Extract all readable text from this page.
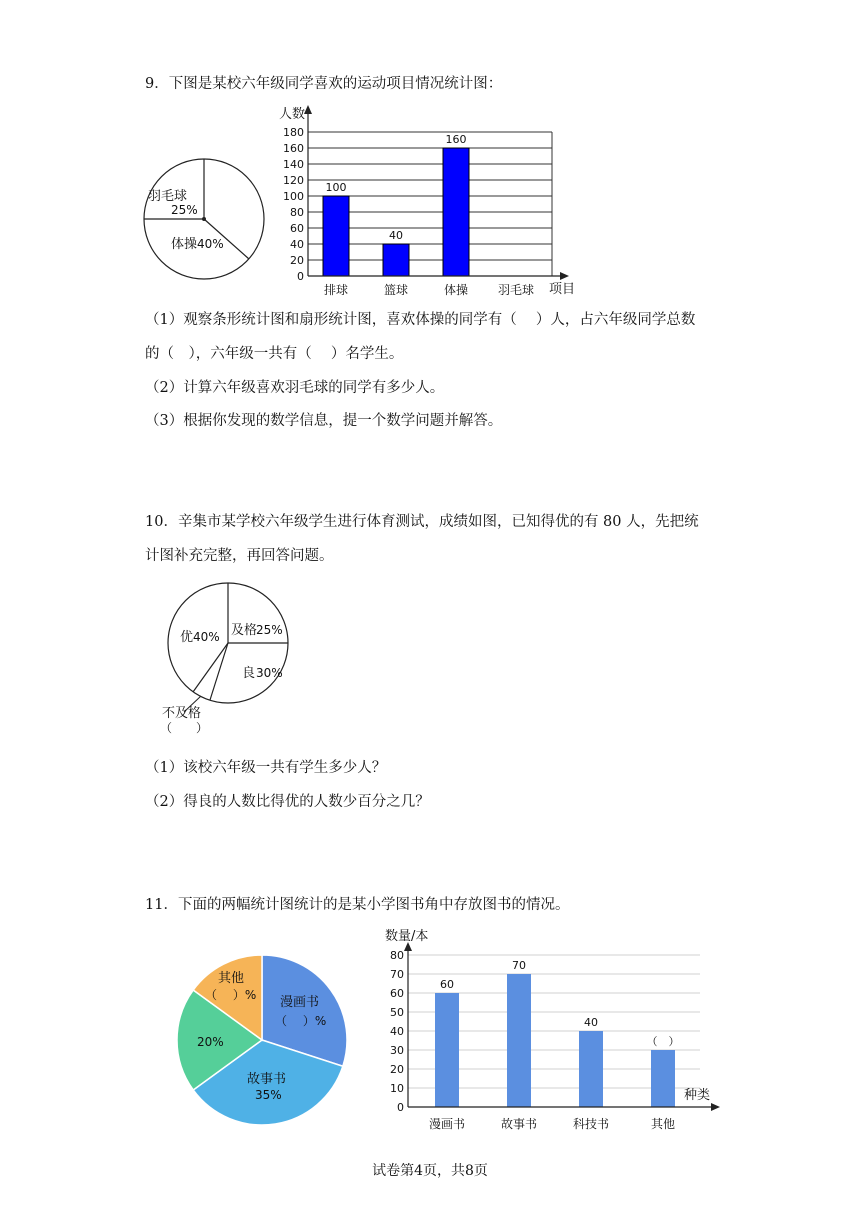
9．下图是某校六年级同学喜欢的运动项目情况统计图：

羽毛球
25%
体操 40%
0
20
40
60
80
100
120
140
160
180
100
40
160
排球	篮球	体操 羽毛球
人数
项目

（1）观察条形统计图和扇形统计图，喜欢体操的同学有（　 ）人，占六年级同学总数

的（　），六年级一共有（　 ）名学生。

（2）计算六年级喜欢羽毛球的同学有多少人。

（3）根据你发现的数学信息，提一个数学问题并解答。

10．辛集市某学校六年级学生进行体育测试，成绩如图，已知得优的有 80 人，先把统

计图补充完整，再回答问题。

优 40% 及格
25%
良 30%
不及格
（　　）

（1）该校六年级一共有学生多少人？

（2）得良的人数比得优的人数少百分之几？

11．下面的两幅统计图统计的是某小学图书角中存放图书的情况。

漫画书
（　 ）%
故事书
35%
20%
其他
（　 ）%
0
10
20
30
40
50
60
70
80
60
70
40
（　）
漫画书	故事书	科技书	其他
数量/本
种类
试卷第4页，共8页
